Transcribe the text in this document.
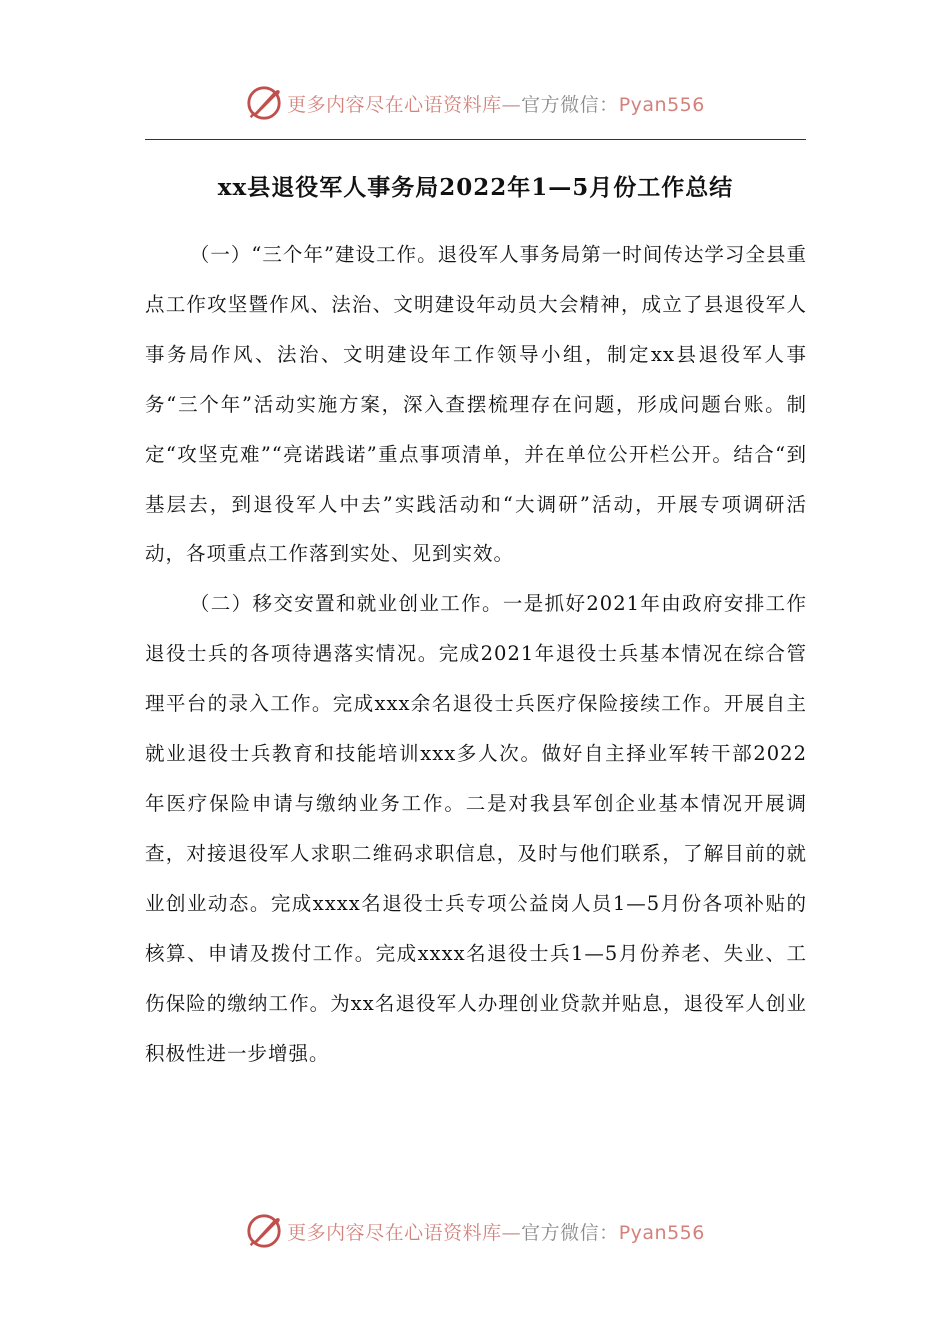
更多内容尽在心语资料库—官方微信：Pyan556
xx县退役军人事务局2022年1—5月份工作总结

（一）“三个年”建设工作。退役军人事务局第一时间传达学习全县重点工作攻坚暨作风、法治、文明建设年动员大会精神，成立了县退役军人事务局作风、法治、文明建设年工作领导小组，制定xx县退役军人事务“三个年”活动实施方案，深入查摆梳理存在问题，形成问题台账。制定“攻坚克难”“亮诺践诺”重点事项清单，并在单位公开栏公开。结合“到基层去，到退役军人中去”实践活动和“大调研”活动，开展专项调研活动，各项重点工作落到实处、见到实效。

（二）移交安置和就业创业工作。一是抓好2021年由政府安排工作退役士兵的各项待遇落实情况。完成2021年退役士兵基本情况在综合管理平台的录入工作。完成xxx余名退役士兵医疗保险接续工作。开展自主就业退役士兵教育和技能培训xxx多人次。做好自主择业军转干部2022年医疗保险申请与缴纳业务工作。二是对我县军创企业基本情况开展调查，对接退役军人求职二维码求职信息，及时与他们联系，了解目前的就业创业动态。完成xxxx名退役士兵专项公益岗人员1—5月份各项补贴的核算、申请及拨付工作。完成xxxx名退役士兵1—5月份养老、失业、工伤保险的缴纳工作。为xx名退役军人办理创业贷款并贴息，退役军人创业积极性进一步增强。

更多内容尽在心语资料库—官方微信：Pyan556
